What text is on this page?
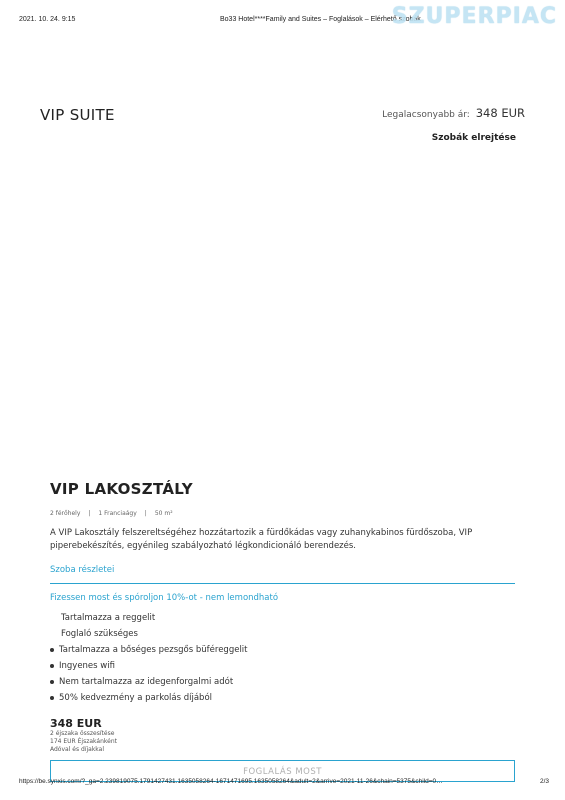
2021. 10. 24. 9:15	Bo33 Hotel****Family and Suites – Foglalások – Elérhető szobák
SZUPERPIAC
VIP SUITE	Legalacsonyabb ár: 348 EUR
Szobák elrejtése
VIP LAKOSZTÁLY
2 férőhely | 1 Franciaágy | 50 m²
A VIP Lakosztály felszereltségéhez hozzátartozik a fürdőkádas vagy zuhanykabinos fürdőszoba, VIP piperebekészítés, egyénileg szabályozható légkondicionáló berendezés.
Szoba részletei
Fizessen most és spóroljon 10%-ot - nem lemondható
Tartalmazza a reggelit
Foglaló szükséges
Tartalmazza a bőséges pezsgős büféreggelit
Ingyenes wifi
Nem tartalmazza az idegenforgalmi adót
50% kedvezmény a parkolás díjából
348 EUR
2 éjszaka összesítése
174 EUR Éjszakánként
Adóval és díjakkal
FOGLALÁS MOST
https://be.synxis.com/?_ga=2.239819075.1791427431.1635058264-1671471695.1635058264&adult=2&arrive=2021-11-26&chain=5375&child=0…	2/3
